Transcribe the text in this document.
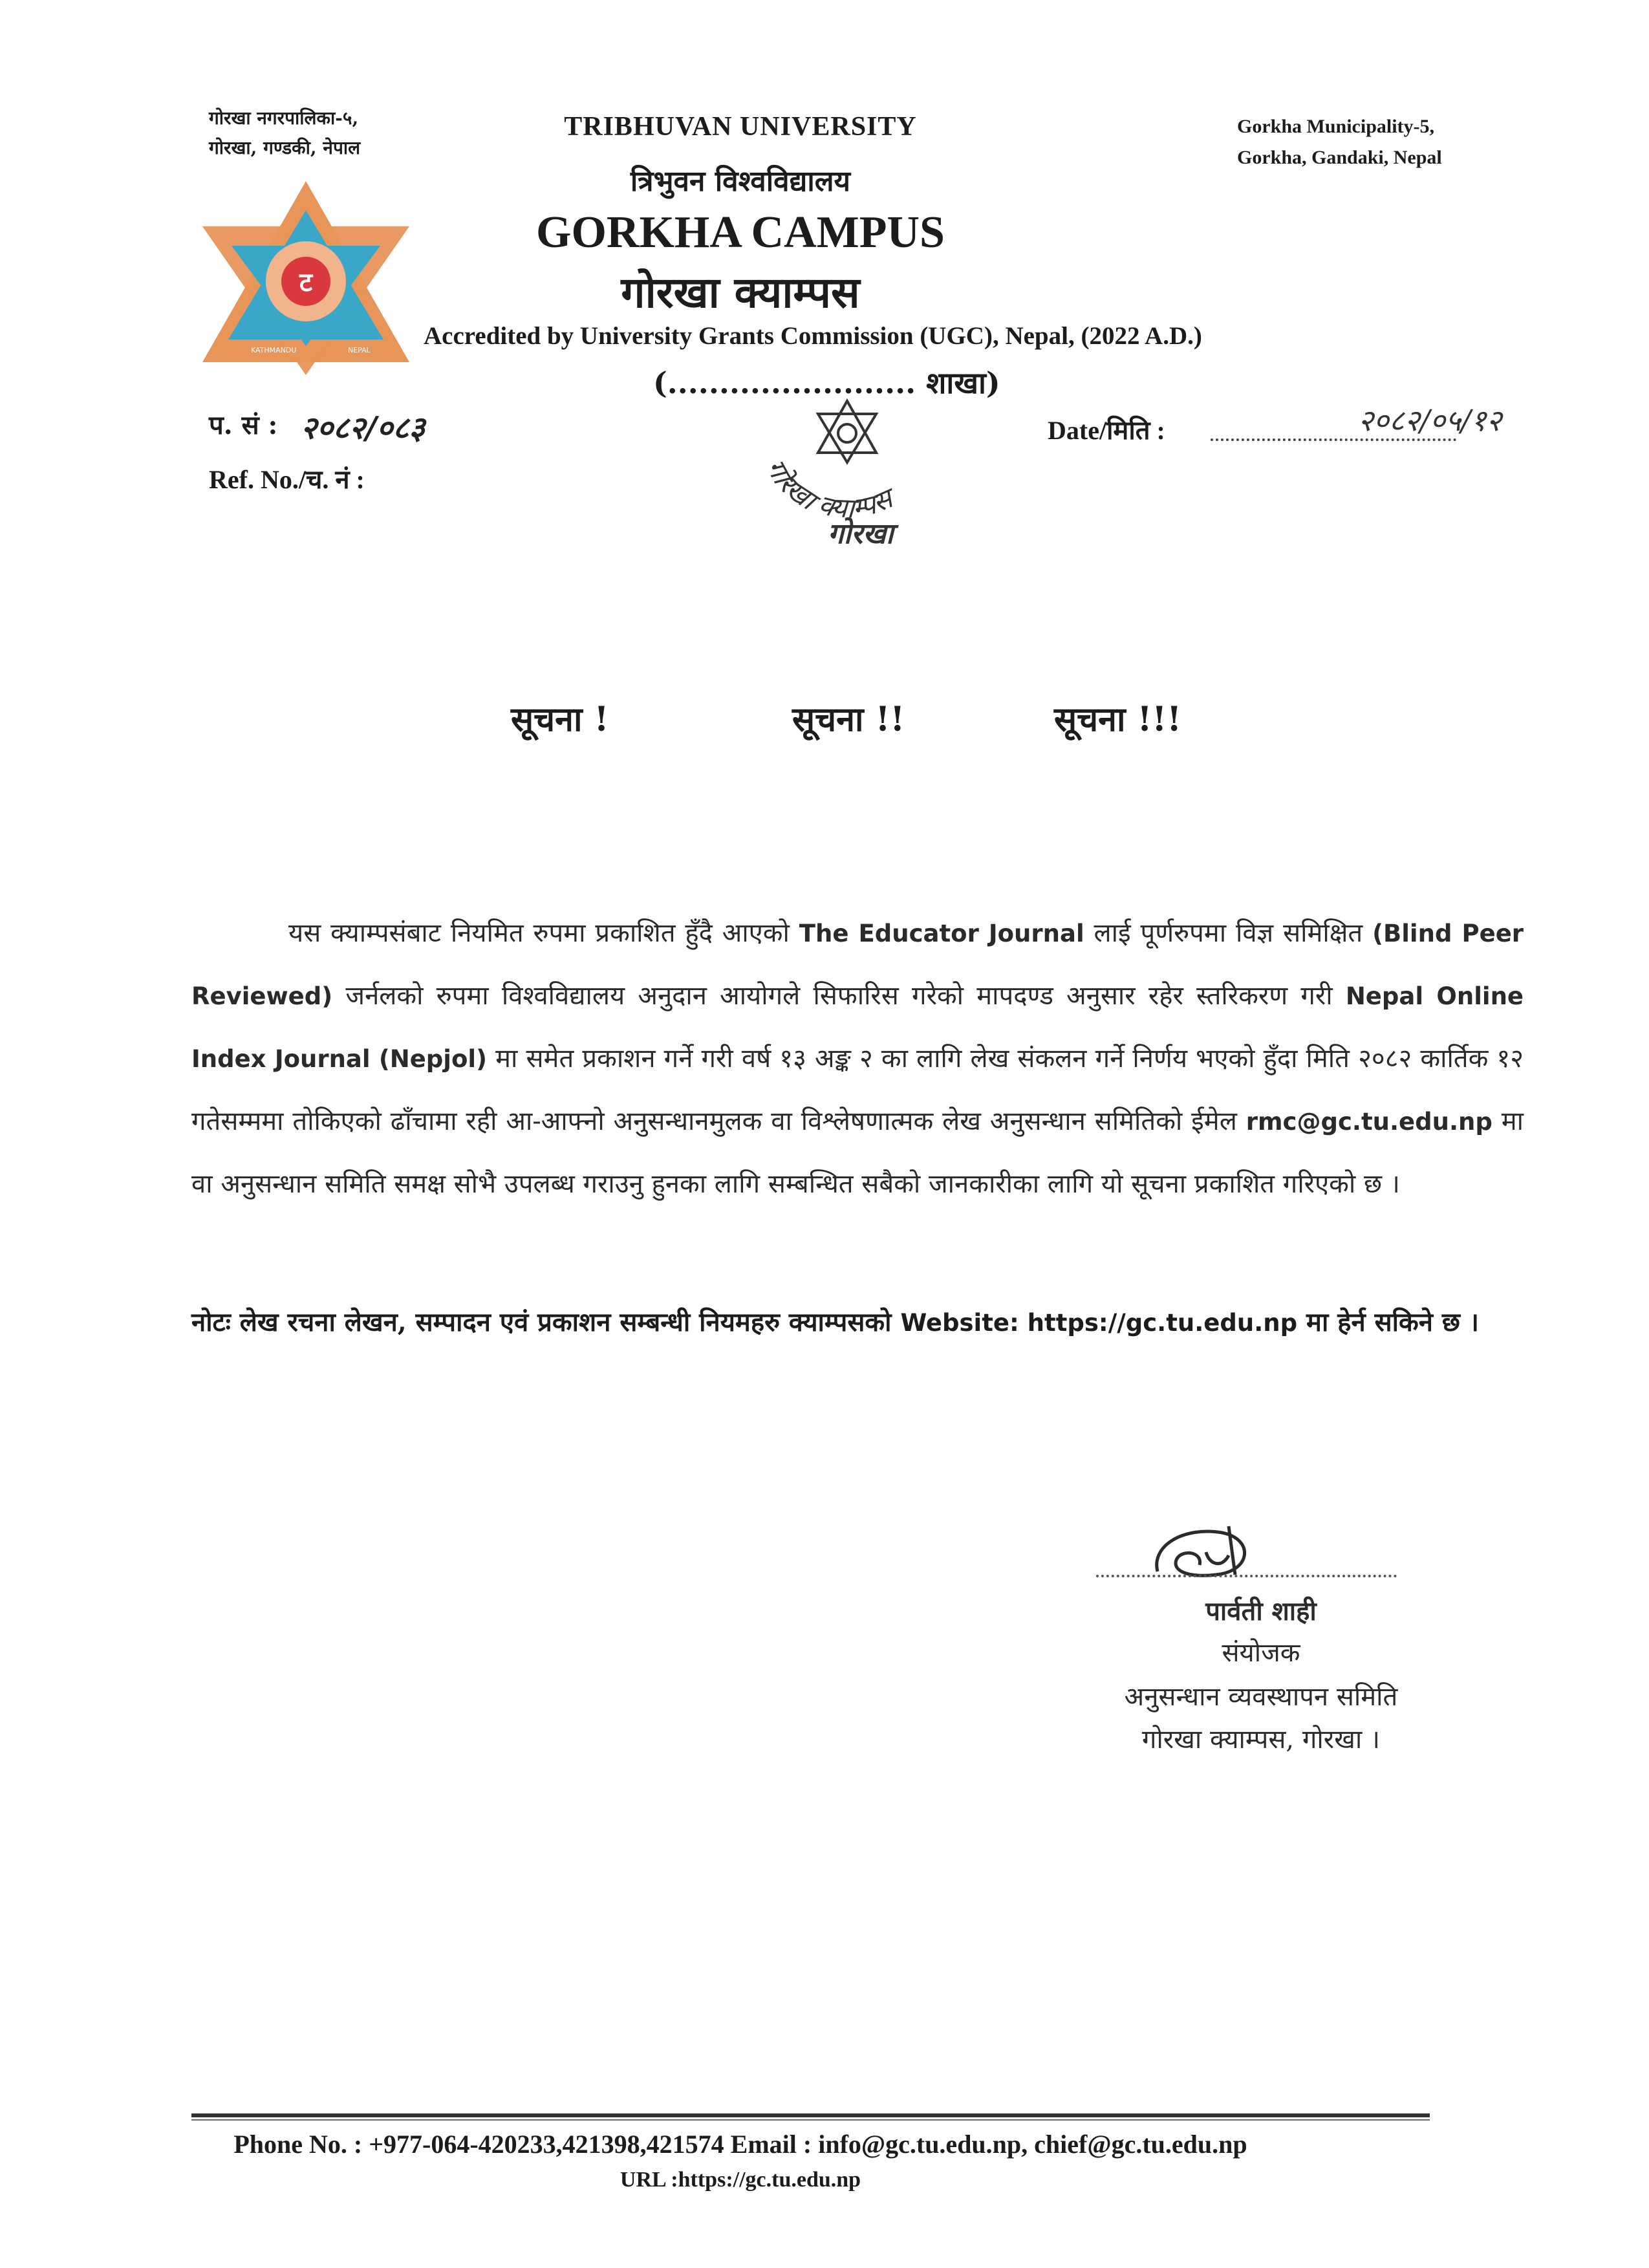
गोरखा नगरपालिका-५,
गोरखा, गण्डकी, नेपाल
Gorkha Municipality-5,
Gorkha, Gandaki, Nepal
ट
KATHMANDU	NEPAL
TRIBHUVAN UNIVERSITY
त्रिभुवन विश्वविद्यालय
GORKHA CAMPUS
गोरखा क्याम्पस
Accredited by University Grants Commission (UGC), Nepal, (2022 A.D.)
(........................ शाखा)
प. सं : २०८२/०८३
Ref. No./च. नं :
Date/मिति :	२०८२/०५/१२
गोरखा क्याम्पस
गोरखा
सूचना !	सूचना !!	सूचना !!!
यस क्याम्पसंबाट नियमित रुपमा प्रकाशित हुँदै आएको The Educator Journal लाई पूर्णरुपमा विज्ञ समिक्षित (Blind Peer Reviewed) जर्नलको रुपमा विश्वविद्यालय अनुदान आयोगले सिफारिस गरेको मापदण्ड अनुसार रहेर स्तरिकरण गरी Nepal Online Index Journal (Nepjol) मा समेत प्रकाशन गर्ने गरी वर्ष १३ अङ्क २ का लागि लेख संकलन गर्ने निर्णय भएको हुँदा मिति २०८२ कार्तिक १२ गतेसम्ममा तोकिएको ढाँचामा रही आ-आफ्नो अनुसन्धानमुलक वा विश्लेषणात्मक लेख अनुसन्धान समितिको ईमेल rmc@gc.tu.edu.np मा वा अनुसन्धान समिति समक्ष सोभै उपलब्ध गराउनु हुनका लागि सम्बन्धित सबैको जानकारीका लागि यो सूचना प्रकाशित गरिएको छ ।
नोटः लेख रचना लेखन, सम्पादन एवं प्रकाशन सम्बन्धी नियमहरु क्याम्पसको Website: https://gc.tu.edu.np मा हेर्न सकिने छ ।
पार्वती शाही
संयोजक
अनुसन्धान व्यवस्थापन समिति
गोरखा क्याम्पस, गोरखा ।
Phone No. : +977-064-420233,421398,421574 Email : info@gc.tu.edu.np, chief@gc.tu.edu.np
URL :https://gc.tu.edu.np
